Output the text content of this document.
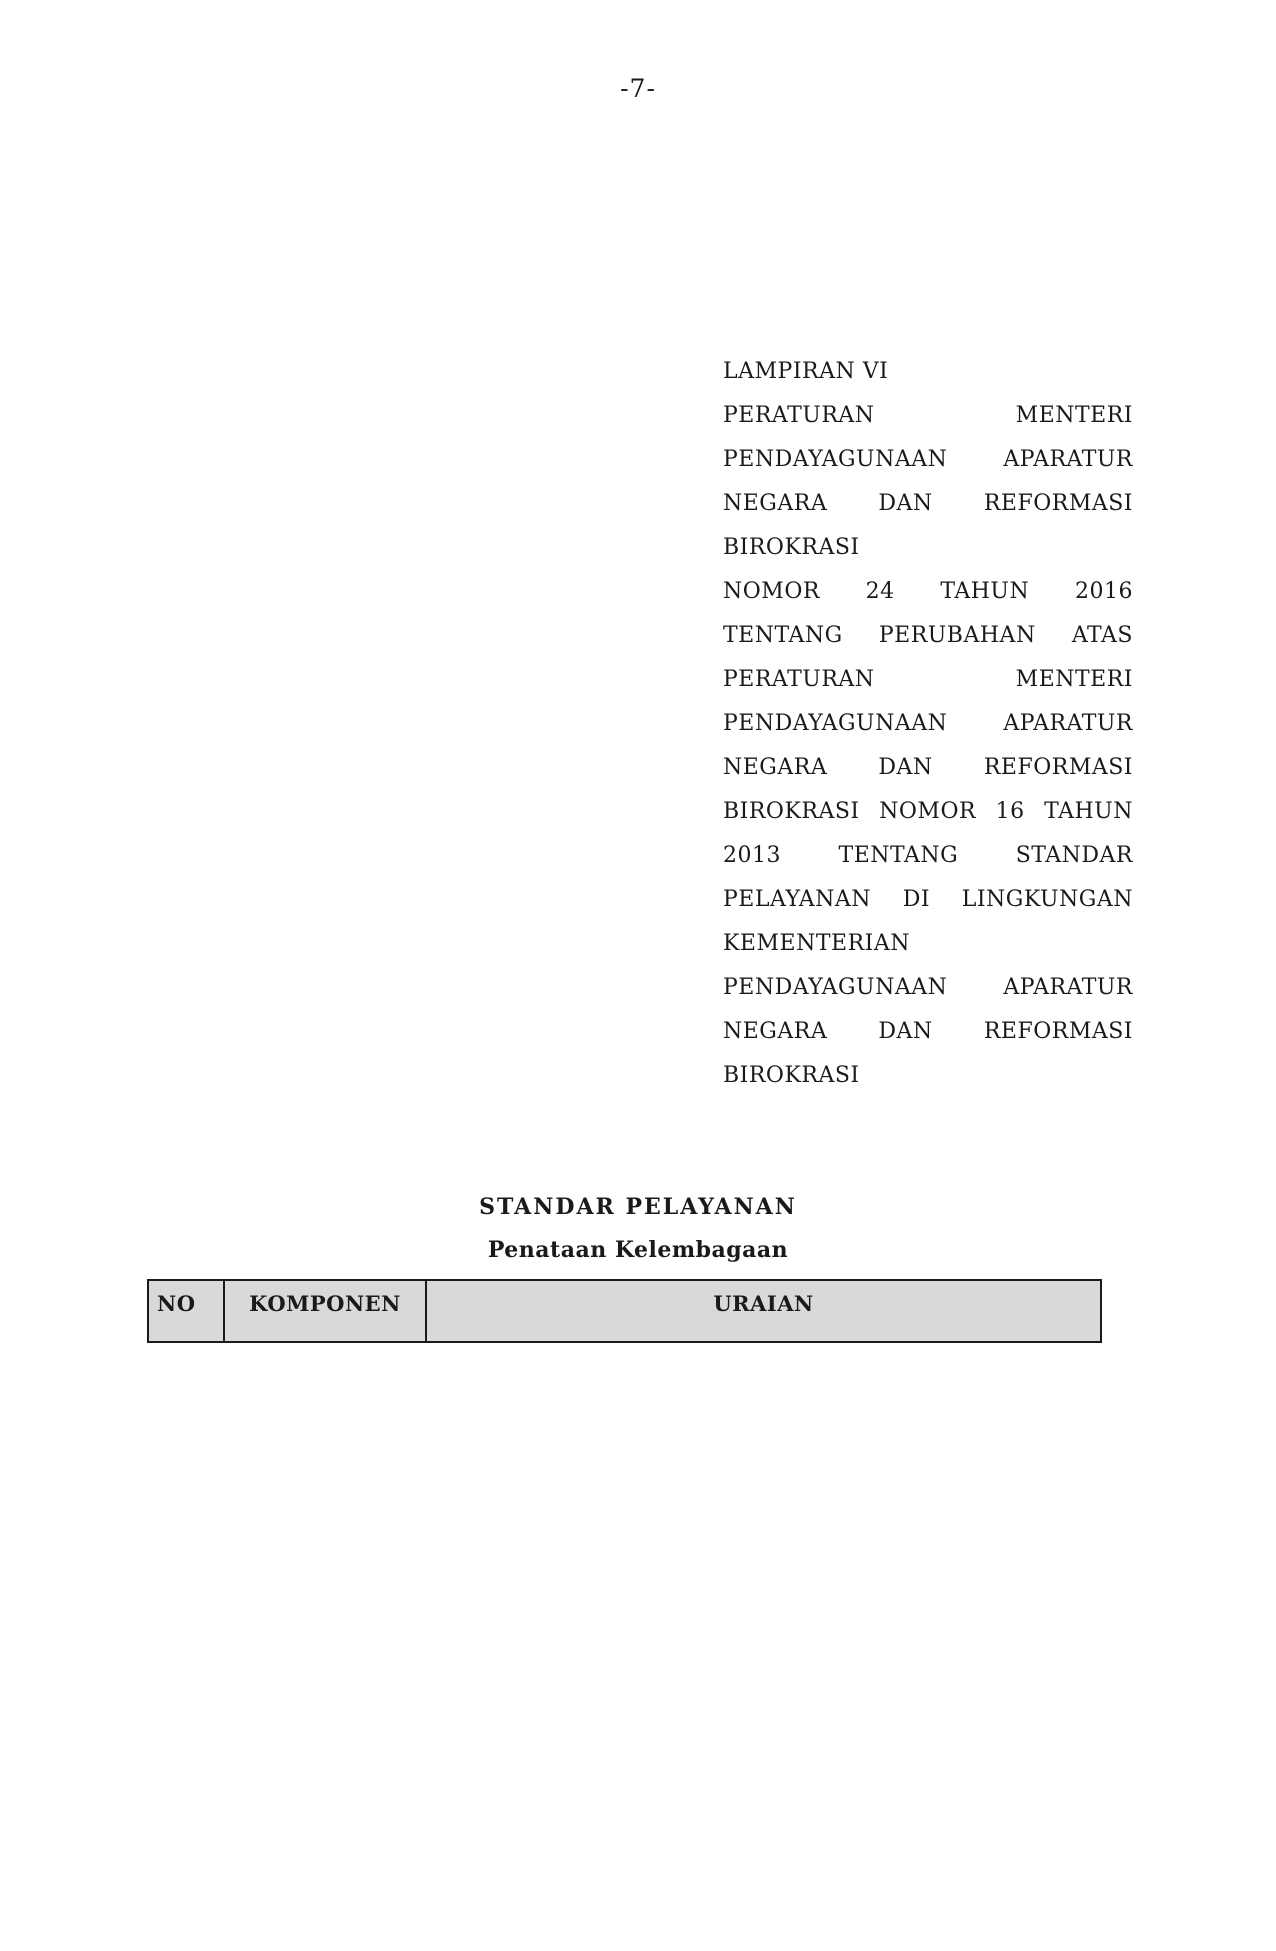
-7-
LAMPIRAN VI
PERATURAN	MENTERI
PENDAYAGUNAAN	APARATUR
NEGARA DAN REFORMASI
BIROKRASI
NOMOR 24 TAHUN 2016
TENTANG PERUBAHAN ATAS
PERATURAN	MENTERI
PENDAYAGUNAAN	APARATUR
NEGARA DAN REFORMASI
BIROKRASI NOMOR 16 TAHUN
2013	TENTANG	STANDAR
PELAYANAN DI LINGKUNGAN
KEMENTERIAN
PENDAYAGUNAAN	APARATUR
NEGARA DAN REFORMASI
BIROKRASI
STANDAR PELAYANAN
Penataan Kelembagaan
NO	KOMPONEN	URAIAN
